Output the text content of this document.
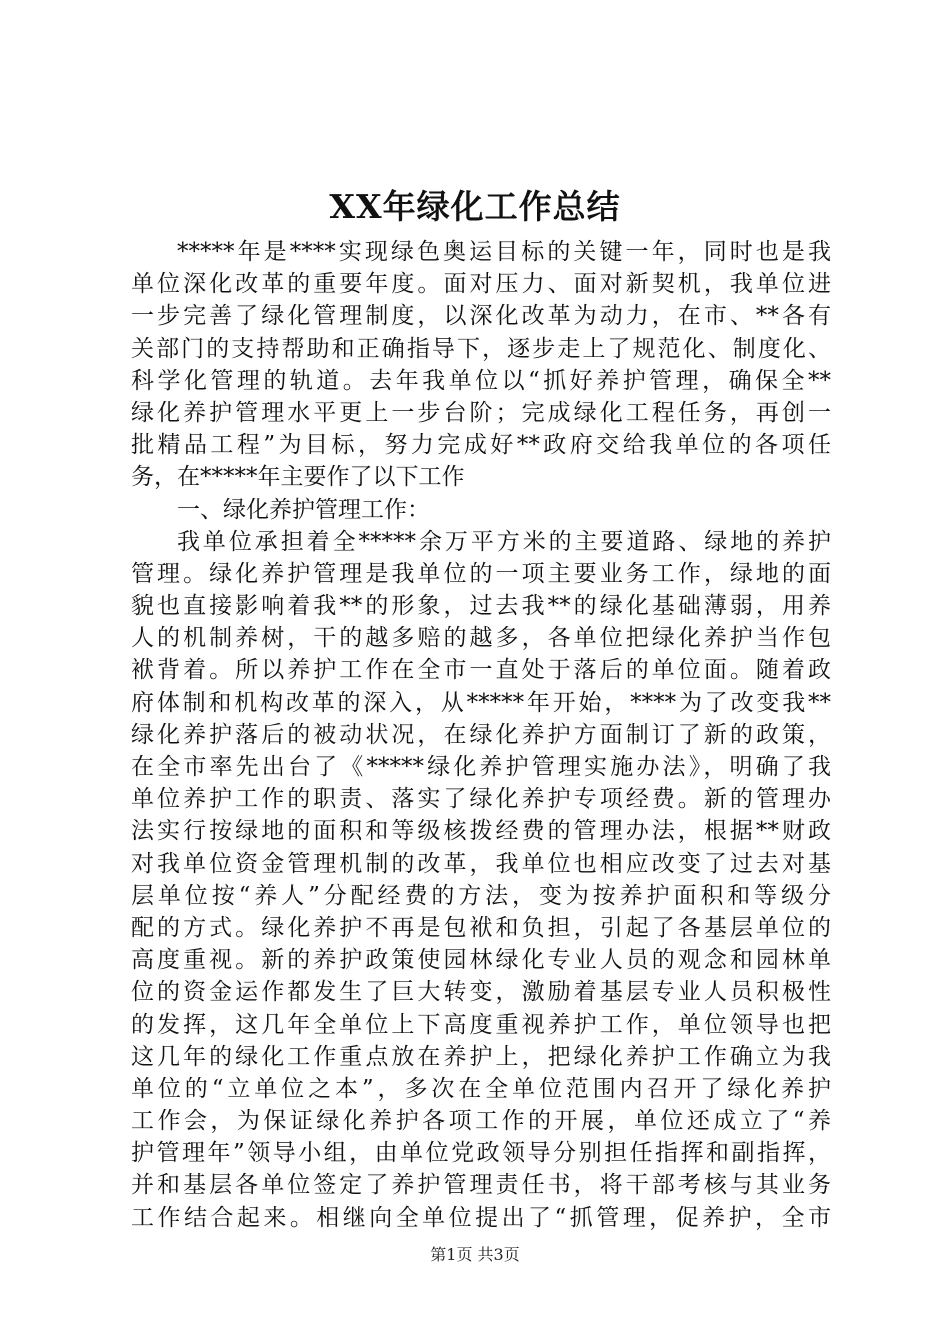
XX年绿化工作总结
*****年是****实现绿色奥运目标的关键一年，同时也是我
单位深化改革的重要年度。面对压力、面对新契机，我单位进
一步完善了绿化管理制度，以深化改革为动力，在市、**各有
关部门的支持帮助和正确指导下，逐步走上了规范化、制度化、
科学化管理的轨道。去年我单位以“抓好养护管理，确保全**
绿化养护管理水平更上一步台阶；完成绿化工程任务，再创一
批精品工程”为目标，努力完成好**政府交给我单位的各项任
务，在*****年主要作了以下工作
一、绿化养护管理工作：
我单位承担着全*****余万平方米的主要道路、绿地的养护
管理。绿化养护管理是我单位的一项主要业务工作，绿地的面
貌也直接影响着我**的形象，过去我**的绿化基础薄弱，用养
人的机制养树，干的越多赔的越多，各单位把绿化养护当作包
袱背着。所以养护工作在全市一直处于落后的单位面。随着政
府体制和机构改革的深入，从*****年开始，****为了改变我**
绿化养护落后的被动状况，在绿化养护方面制订了新的政策，
在全市率先出台了《*****绿化养护管理实施办法》，明确了我
单位养护工作的职责、落实了绿化养护专项经费。新的管理办
法实行按绿地的面积和等级核拨经费的管理办法，根据**财政
对我单位资金管理机制的改革，我单位也相应改变了过去对基
层单位按“养人”分配经费的方法，变为按养护面积和等级分
配的方式。绿化养护不再是包袱和负担，引起了各基层单位的
高度重视。新的养护政策使园林绿化专业人员的观念和园林单
位的资金运作都发生了巨大转变，激励着基层专业人员积极性
的发挥，这几年全单位上下高度重视养护工作，单位领导也把
这几年的绿化工作重点放在养护上，把绿化养护工作确立为我
单位的“立单位之本”，多次在全单位范围内召开了绿化养护
工作会，为保证绿化养护各项工作的开展，单位还成立了“养
护管理年”领导小组，由单位党政领导分别担任指挥和副指挥，
并和基层各单位签定了养护管理责任书，将干部考核与其业务
工作结合起来。相继向全单位提出了“抓管理，促养护，全市
第1页 共3页
